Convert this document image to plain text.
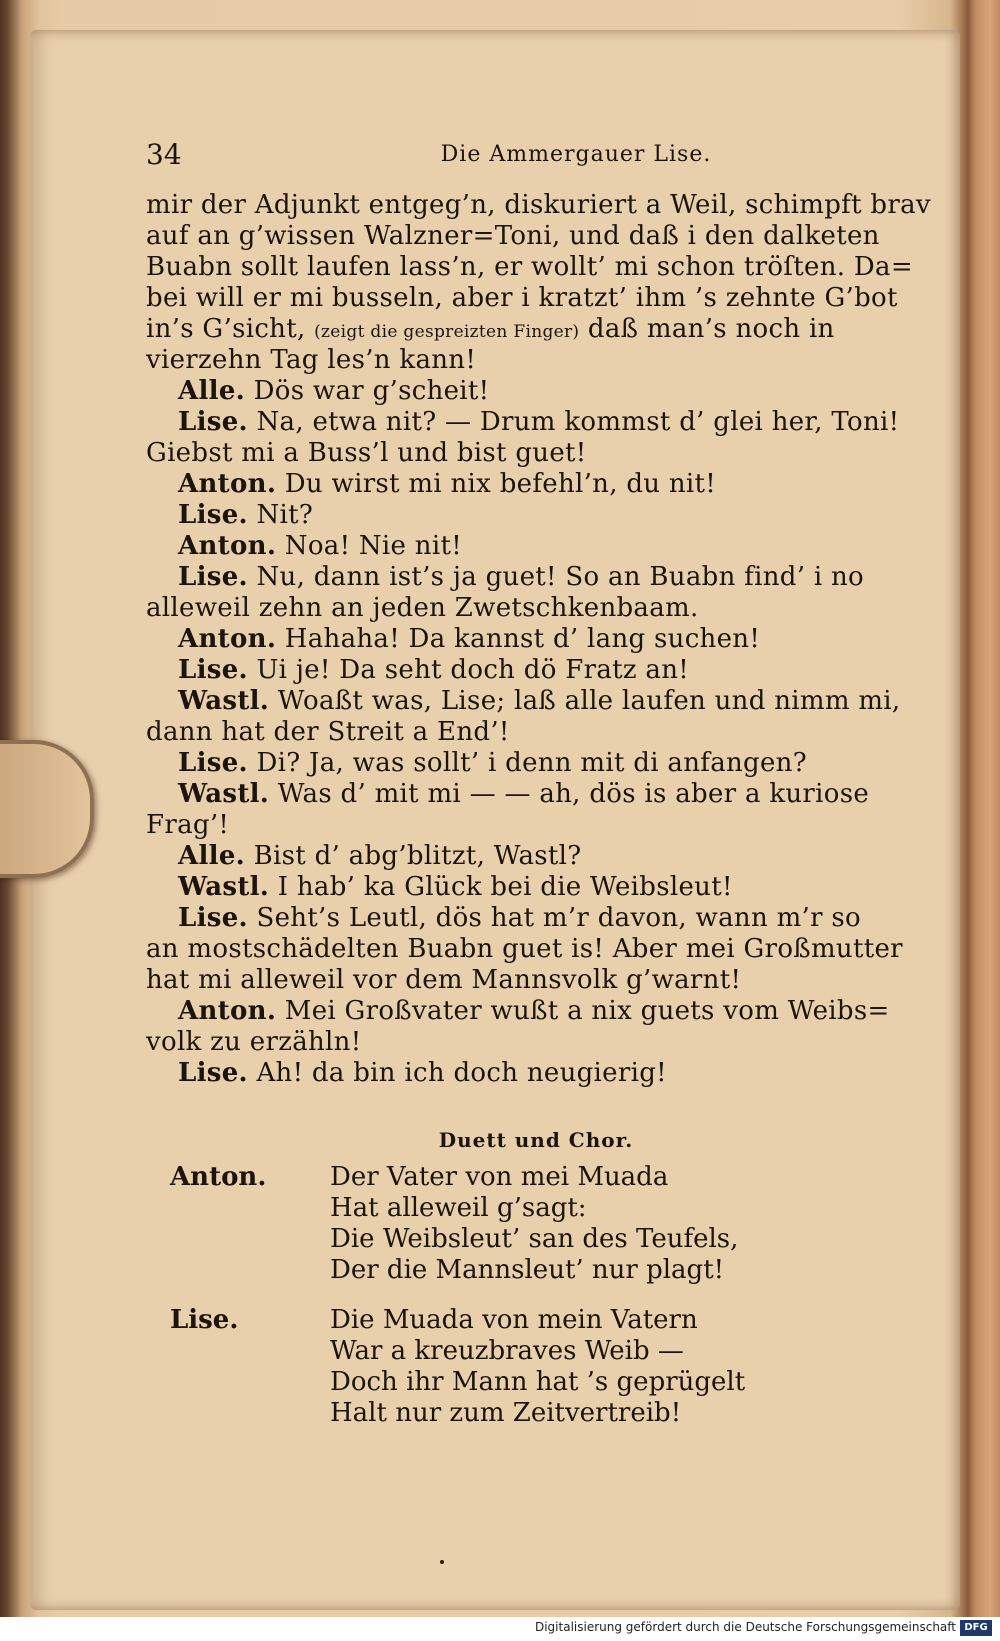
34	Die Ammergauer Lise.
mir der Adjunkt entgeg’n, diskuriert a Weil, schimpft brav
auf an g’wissen Walzner=Toni, und daß i den dalketen
Buabn sollt laufen lass’n, er wollt’ mi schon tröſten. Da=
bei will er mi busseln, aber i kratzt’ ihm ’s zehnte G’bot
in’s G’sicht, (zeigt die gespreizten Finger) daß man’s noch in
vierzehn Tag les’n kann!
Alle. Dös war g’scheit!
Lise. Na, etwa nit? — Drum kommst d’ glei her, Toni!
Giebst mi a Buss’l und bist guet!
Anton. Du wirst mi nix befehl’n, du nit!
Lise. Nit?
Anton. Noa! Nie nit!
Lise. Nu, dann ist’s ja guet! So an Buabn find’ i no
alleweil zehn an jeden Zwetschkenbaam.
Anton. Hahaha! Da kannst d’ lang suchen!
Lise. Ui je! Da seht doch dö Fratz an!
Wastl. Woaßt was, Lise; laß alle laufen und nimm mi,
dann hat der Streit a End’!
Lise. Di? Ja, was sollt’ i denn mit di anfangen?
Wastl. Was d’ mit mi — — ah, dös is aber a kuriose
Frag’!
Alle. Bist d’ abg’blitzt, Wastl?
Wastl. I hab’ ka Glück bei die Weibsleut!
Lise. Seht’s Leutl, dös hat m’r davon, wann m’r so
an mostschädelten Buabn guet is! Aber mei Großmutter
hat mi alleweil vor dem Mannsvolk g’warnt!
Anton. Mei Großvater wußt a nix guets vom Weibs=
volk zu erzähln!
Lise. Ah! da bin ich doch neugierig!
Duett und Chor.
Anton. Der Vater von mei Muada
Hat alleweil g’sagt:
Die Weibsleut’ san des Teufels,
Der die Mannsleut’ nur plagt!
Lise.	Die Muada von mein Vatern
War a kreuzbraves Weib —
Doch ihr Mann hat ’s geprügelt
Halt nur zum Zeitvertreib!
Digitalisierung gefördert durch die Deutsche Forschungsgemeinschaft DFG
